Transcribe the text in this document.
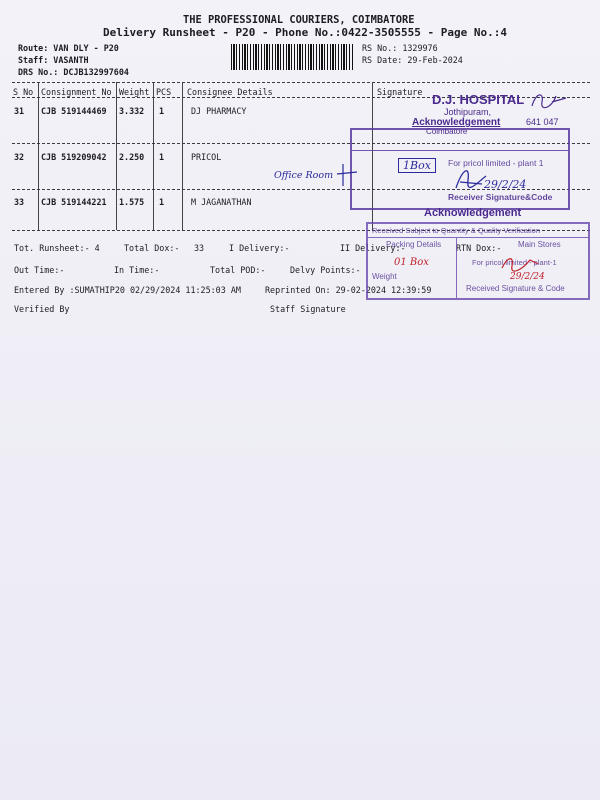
THE PROFESSIONAL COURIERS, COIMBATORE
Delivery Runsheet - P20 - Phone No.:0422-3505555 - Page No.:4
Route: VAN DLY - P20
Staff: VASANTH
DRS No.: DCJB132997604
RS No.: 1329976
RS Date: 29-Feb-2024
S No Consignment No Weight PCS Consignee Details	Signature
31 CJB 519144469 3.332 1	DJ PHARMACY
32 CJB 519209042 2.250 1	PRICOL
33 CJB 519144221 1.575 1	M JAGANATHAN
Tot. Runsheet:- 4	Total Dox:- 33	I Delivery:-	II Delivery:-	RTN Dox:-
Out Time:-	In Time:-	Total POD:-	Delvy Points:-
Entered By :SUMATHIP20 02/29/2024 11:25:03 AM	Reprinted On: 29-02-2024 12:39:59
Verified By	Staff Signature
D.J. HOSPITAL
Jothipuram,
Acknowledgement
Coimbatore
641 047
For pricol limited - plant 1
Receiver Signature&Code
Acknowledgement
Received Subject to Quantity & Quality Verification
Packing Details	Main Stores
Weight
For pricol limited - plant-1
Received Signature & Code
Office Room
1Box
29/2/24
01 Box
29/2/24
